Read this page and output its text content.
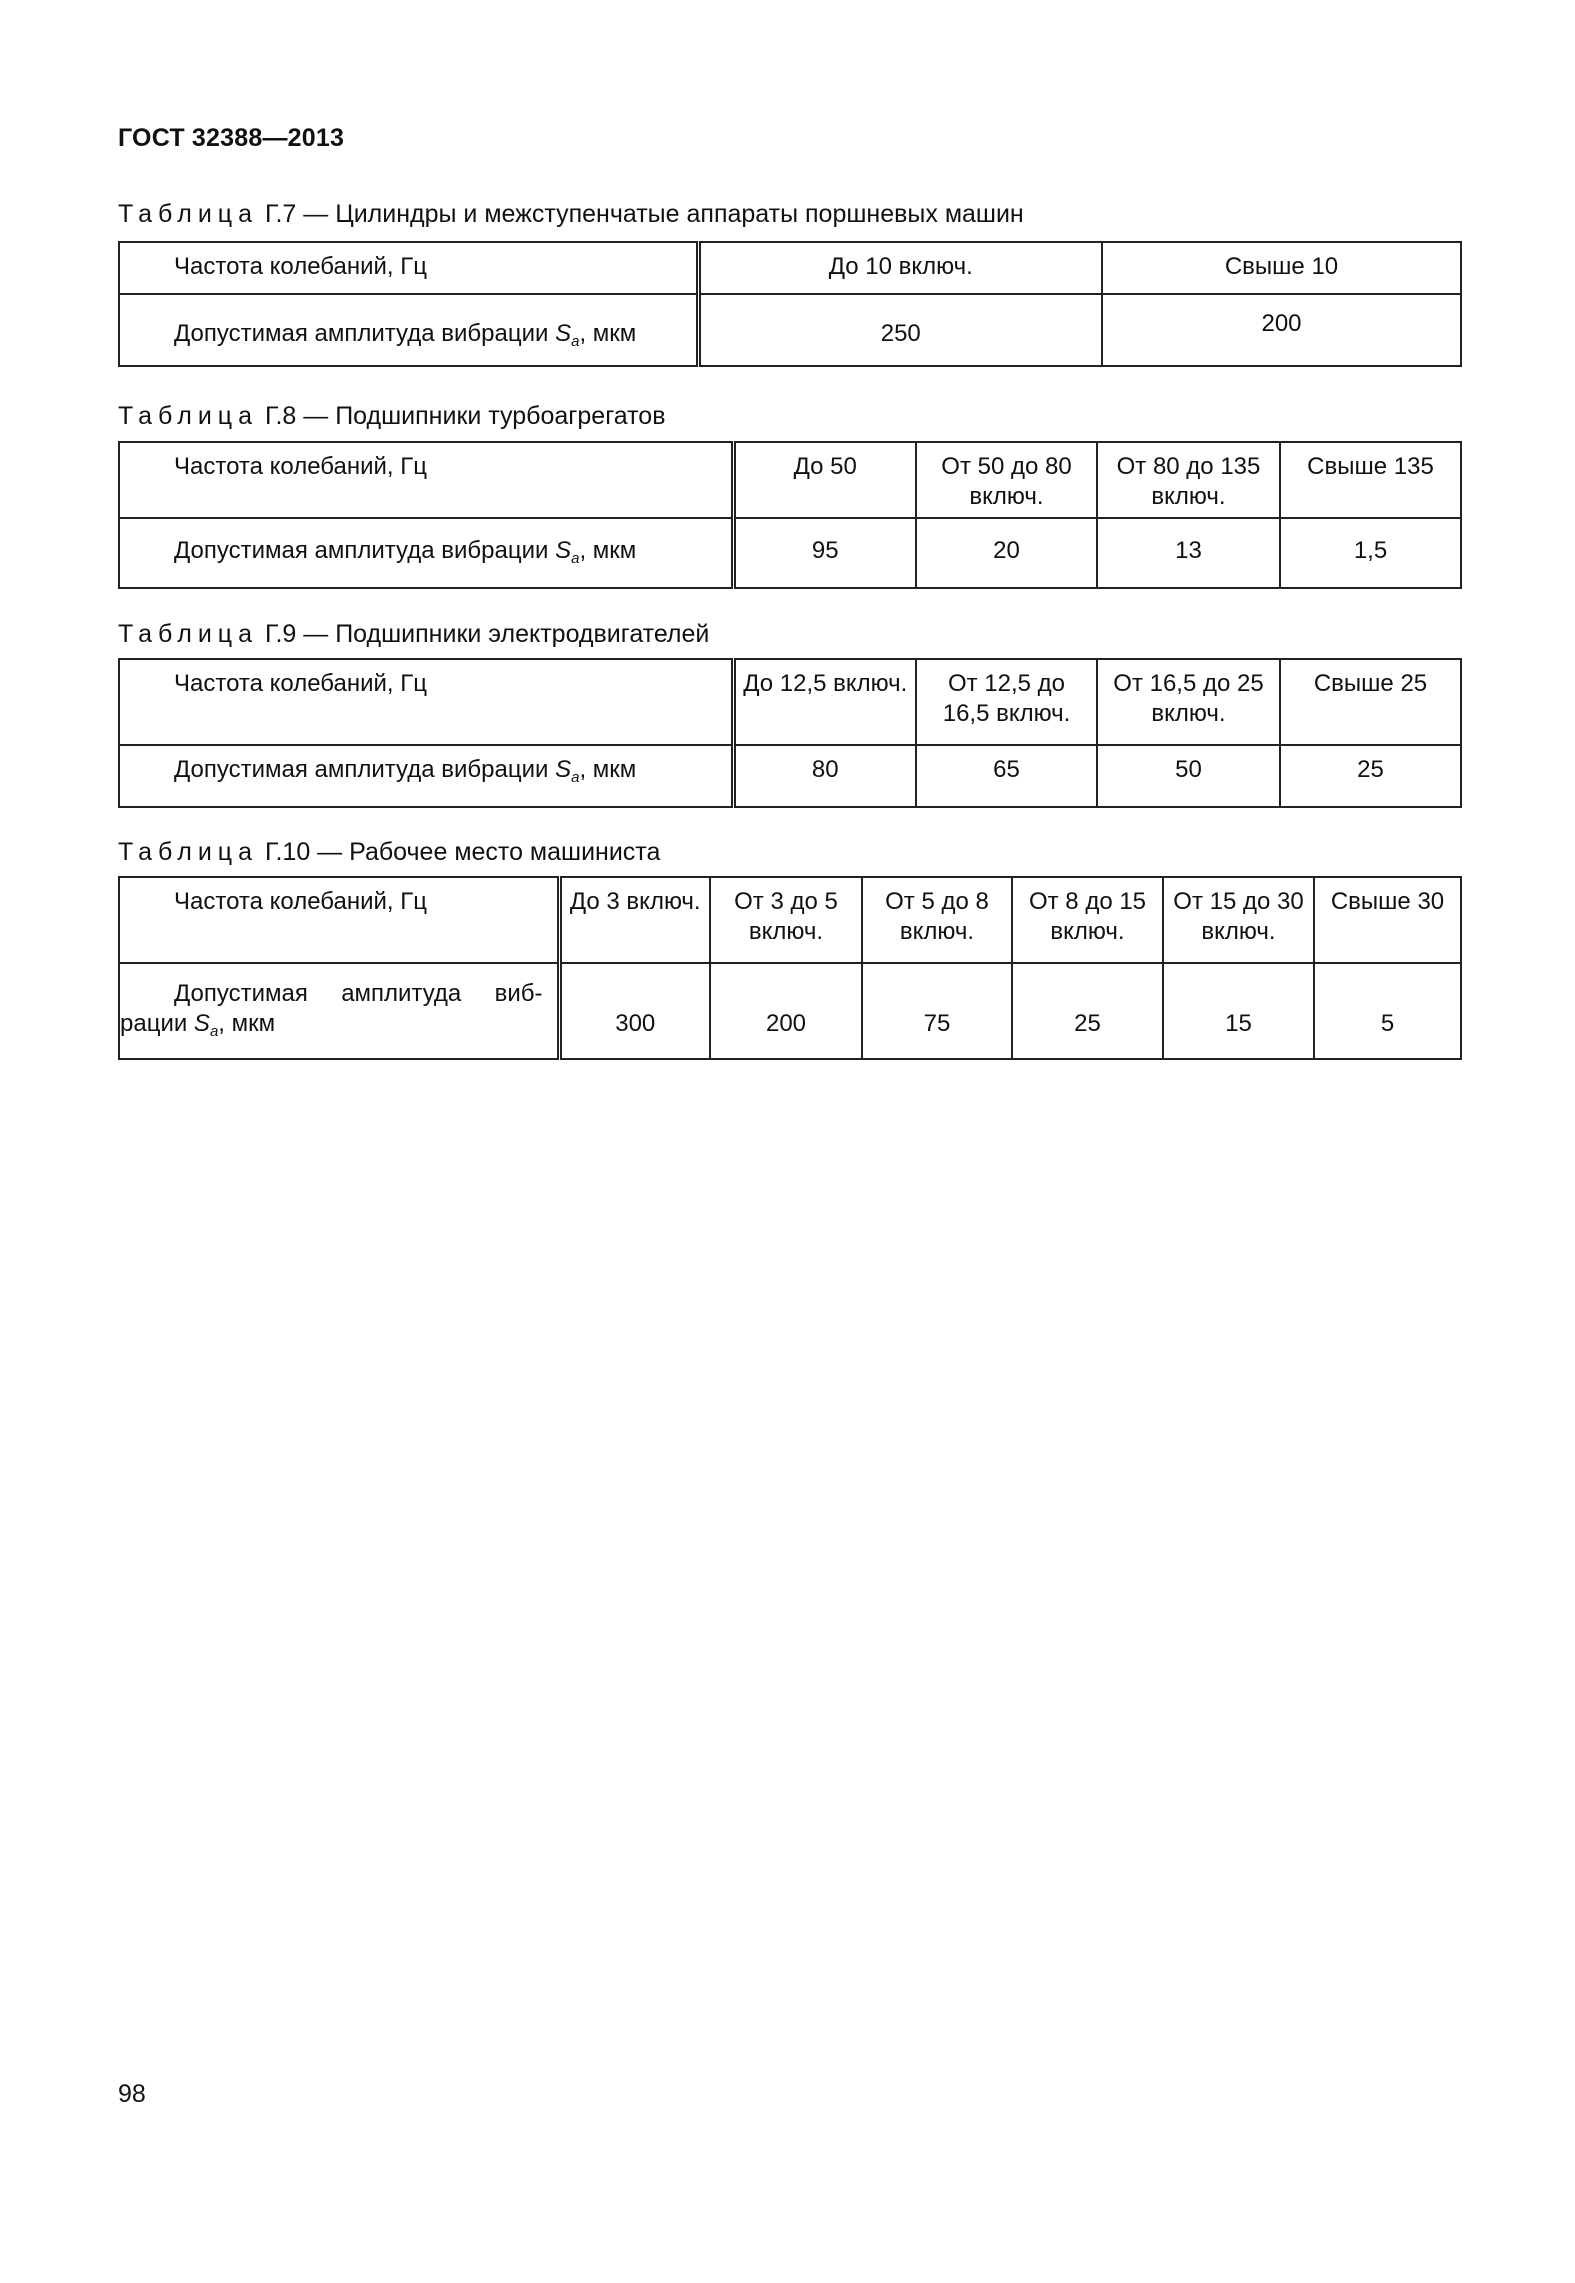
ГОСТ 32388—2013
Таблица Г.7 — Цилиндры и межступенчатые аппараты поршневых машин
Частота колебаний, Гц	До 10 включ.	Свыше 10
Допустимая амплитуда вибрации $S_a$, мкм	250	200
Таблица Г.8 — Подшипники турбоагрегатов
Частота колебаний, Гц	До 50	От 50 до 80 включ.	От 80 до 135 включ.	Свыше 135
Допустимая амплитуда вибрации $S_a$, мкм	95	20	13	1,5
Таблица Г.9 — Подшипники электродвигателей
Частота колебаний, Гц	До 12,5 включ.	От 12,5 до 16,5 включ.	От 16,5 до 25 включ.	Свыше 25
Допустимая амплитуда вибрации $S_a$, мкм	80	65	50	25
Таблица Г.10 — Рабочее место машиниста
Частота колебаний, Гц	До 3 включ.	От 3 до 5 включ.	От 5 до 8 включ.	От 8 до 15 включ.	От 15 до 30 включ.	Свыше 30

Допустимая амплитуда виб-
рации $S_a$, мкм	300	200	75	25	15	5
98
